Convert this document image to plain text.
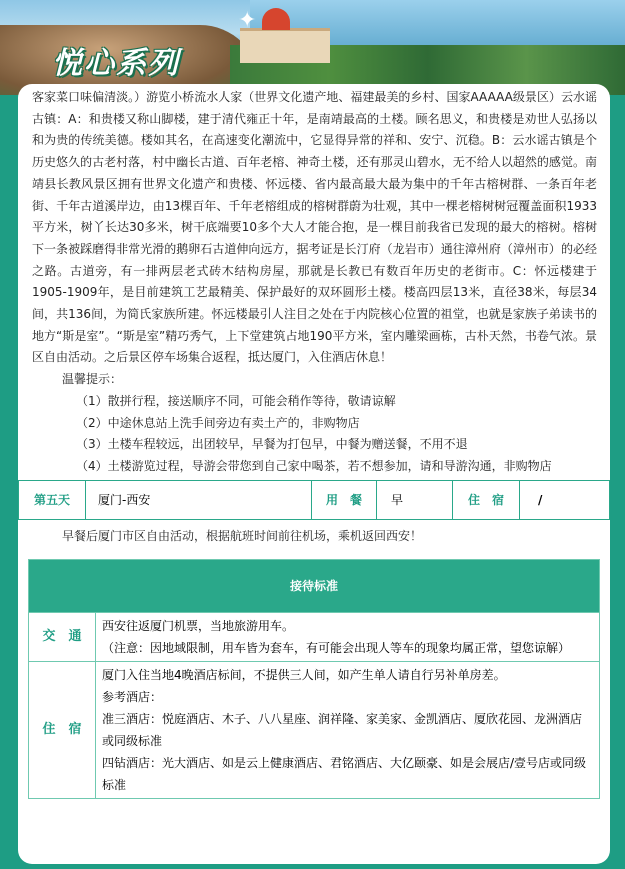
✦
悦心系列

客家菜口味偏清淡。）游览小桥流水人家（世界文化遗产地、福建最美的乡村、国家AAAAA级景区）云水谣古镇：A：和贵楼又称山脚楼，建于清代雍正十年，是南靖最高的土楼。顾名思义，和贵楼是劝世人弘扬以和为贵的传统美德。楼如其名，在高速变化潮流中，它显得异常的祥和、安宁、沉稳。B：云水谣古镇是个历史悠久的古老村落，村中幽长古道、百年老榕、神奇土楼，还有那灵山碧水，无不给人以超然的感觉。南靖县长教风景区拥有世界文化遗产和贵楼、怀远楼、省内最高最大最为集中的千年古榕树群、一条百年老街、千年古道溪岸边，由13棵百年、千年老榕组成的榕树群蔚为壮观，其中一棵老榕树树冠覆盖面积1933平方米，树丫长达30多米，树干底端要10多个大人才能合抱，是一棵目前我省已发现的最大的榕树。榕树下一条被踩磨得非常光滑的鹅卵石古道伸向远方，据考证是长汀府（龙岩市）通往漳州府（漳州市）的必经之路。古道旁，有一排两层老式砖木结构房屋，那就是长教已有数百年历史的老街市。C：怀远楼建于1905-1909年，是目前建筑工艺最精美、保护最好的双环圆形土楼。楼高四层13米，直径38米，每层34间，共136间，为简氏家族所建。怀远楼最引人注目之处在于内院核心位置的祖堂，也就是家族子弟读书的地方“斯是室”。“斯是室”精巧秀气，上下堂建筑占地190平方米，室内雕梁画栋，古朴天然，书卷气浓。景区自由活动。之后景区停车场集合返程，抵达厦门，入住酒店休息！

温馨提示：

（1）散拼行程，接送顺序不同，可能会稍作等待，敬请谅解

（2）中途休息站上洗手间旁边有卖土产的，非购物店

（3）土楼车程较远，出团较早，早餐为打包早，中餐为赠送餐，不用不退

（4）土楼游览过程，导游会带您到自己家中喝茶，若不想参加，请和导游沟通，非购物店

第五天	厦门-西安	用　餐	早	住　宿	/

早餐后厦门市区自由活动，根据航班时间前往机场，乘机返回西安！

接待标准	
交　通	西安往返厦门机票，当地旅游用车。
（注意：因地域限制，用车皆为套车，有可能会出现人等车的现象均属正常，望您谅解）

住　宿	厦门入住当地4晚酒店标间，不提供三人间，如产生单人请自行另补单房差。
参考酒店：
准三酒店：悦庭酒店、木子、八八星座、润祥隆、家美家、金凯酒店、厦欣花园、龙洲酒店或同级标准
四钻酒店：光大酒店、如是云上健康酒店、君铭酒店、大亿颐豪、如是会展店/壹号店或同级标准
